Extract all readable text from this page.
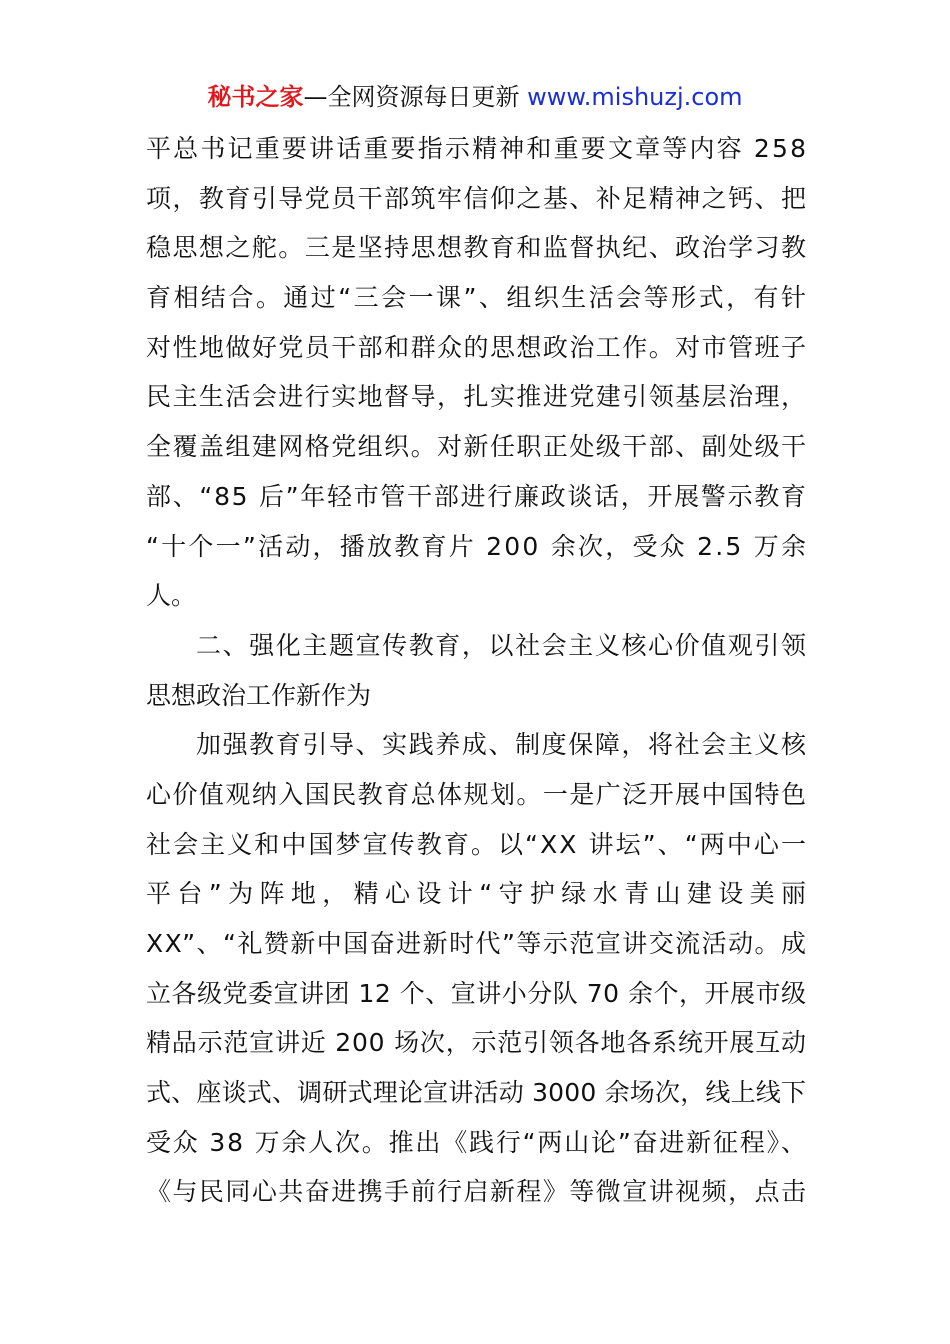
秘书之家—全网资源每日更新 www.mishuzj.com
平总书记重要讲话重要指示精神和重要文章等内容 258
项，教育引导党员干部筑牢信仰之基、补足精神之钙、把
稳思想之舵。三是坚持思想教育和监督执纪、政治学习教
育相结合。通过“三会一课”、组织生活会等形式，有针
对性地做好党员干部和群众的思想政治工作。对市管班子
民主生活会进行实地督导，扎实推进党建引领基层治理，
全覆盖组建网格党组织。对新任职正处级干部、副处级干
部、“85 后”年轻市管干部进行廉政谈话，开展警示教育
“十个一”活动，播放教育片 200 余次，受众 2.5 万余
人。
二、强化主题宣传教育，以社会主义核心价值观引领
思想政治工作新作为
加强教育引导、实践养成、制度保障，将社会主义核
心价值观纳入国民教育总体规划。一是广泛开展中国特色
社会主义和中国梦宣传教育。以“XX 讲坛”、“两中心一
平台”为阵地，精心设计“守护绿水青山建设美丽
XX”、“礼赞新中国奋进新时代”等示范宣讲交流活动。成
立各级党委宣讲团 12 个、宣讲小分队 70 余个，开展市级
精品示范宣讲近 200 场次，示范引领各地各系统开展互动
式、座谈式、调研式理论宣讲活动 3000 余场次，线上线下
受众 38 万余人次。推出《践行“两山论”奋进新征程》、
《与民同心共奋进携手前行启新程》等微宣讲视频，点击
